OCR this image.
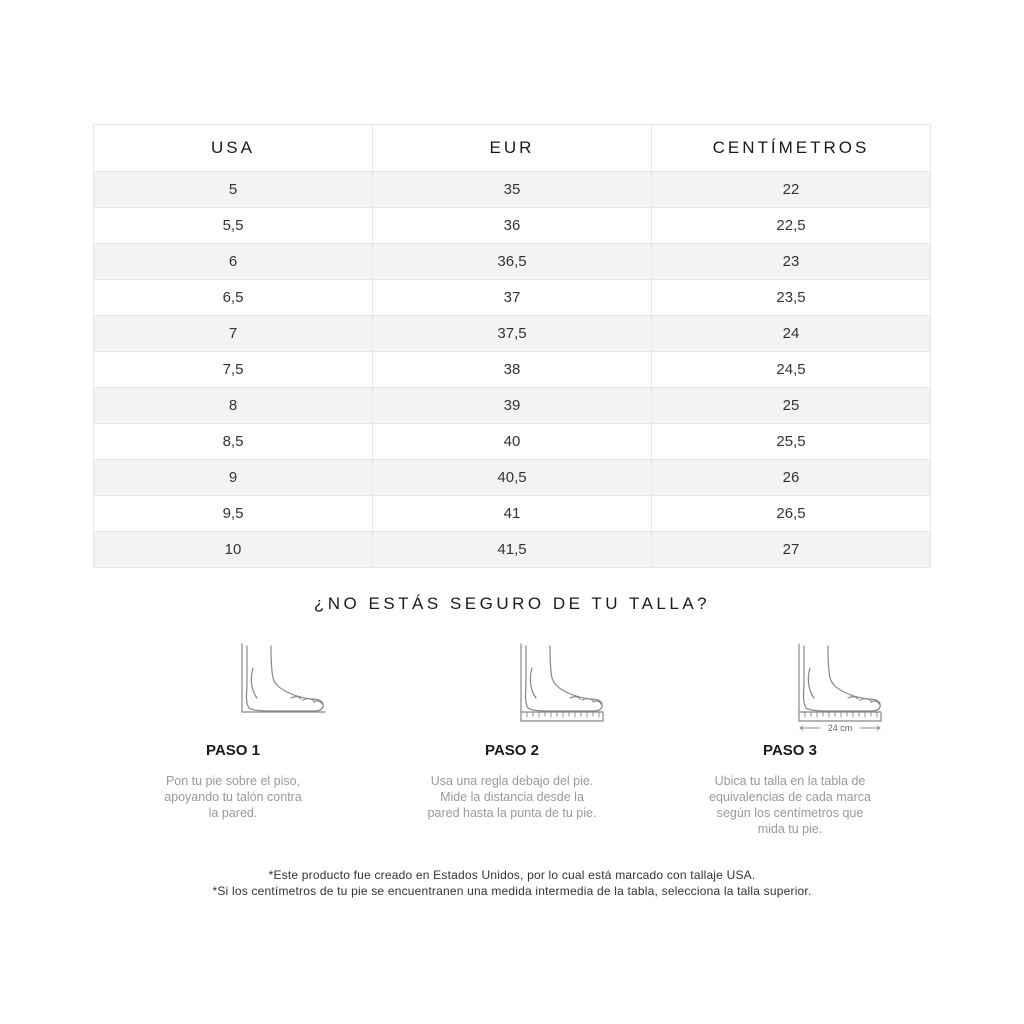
USA	EUR	CENTÍMETROS
5	35	22
5,5	36	22,5
6	36,5	23
6,5	37	23,5
7	37,5	24
7,5	38	24,5
8	39	25
8,5	40	25,5
9	40,5	26
9,5	41	26,5
10	41,5	27
¿NO ESTÁS SEGURO DE TU TALLA?
PASO 1
Pon tu pie sobre el piso,
apoyando tu talón contra
la pared.
PASO 2
Usa una regla debajo del pie.
Mide la distancia desde la
pared hasta la punta de tu pie.
24 cm
PASO 3
Ubica tu talla en la tabla de
equivalencias de cada marca
según los centímetros que
mida tu pie.
*Este producto fue creado en Estados Unidos, por lo cual está marcado con tallaje USA.
*Si los centímetros de tu pie se encuentranen una medida intermedia de la tabla, selecciona la talla superior.
